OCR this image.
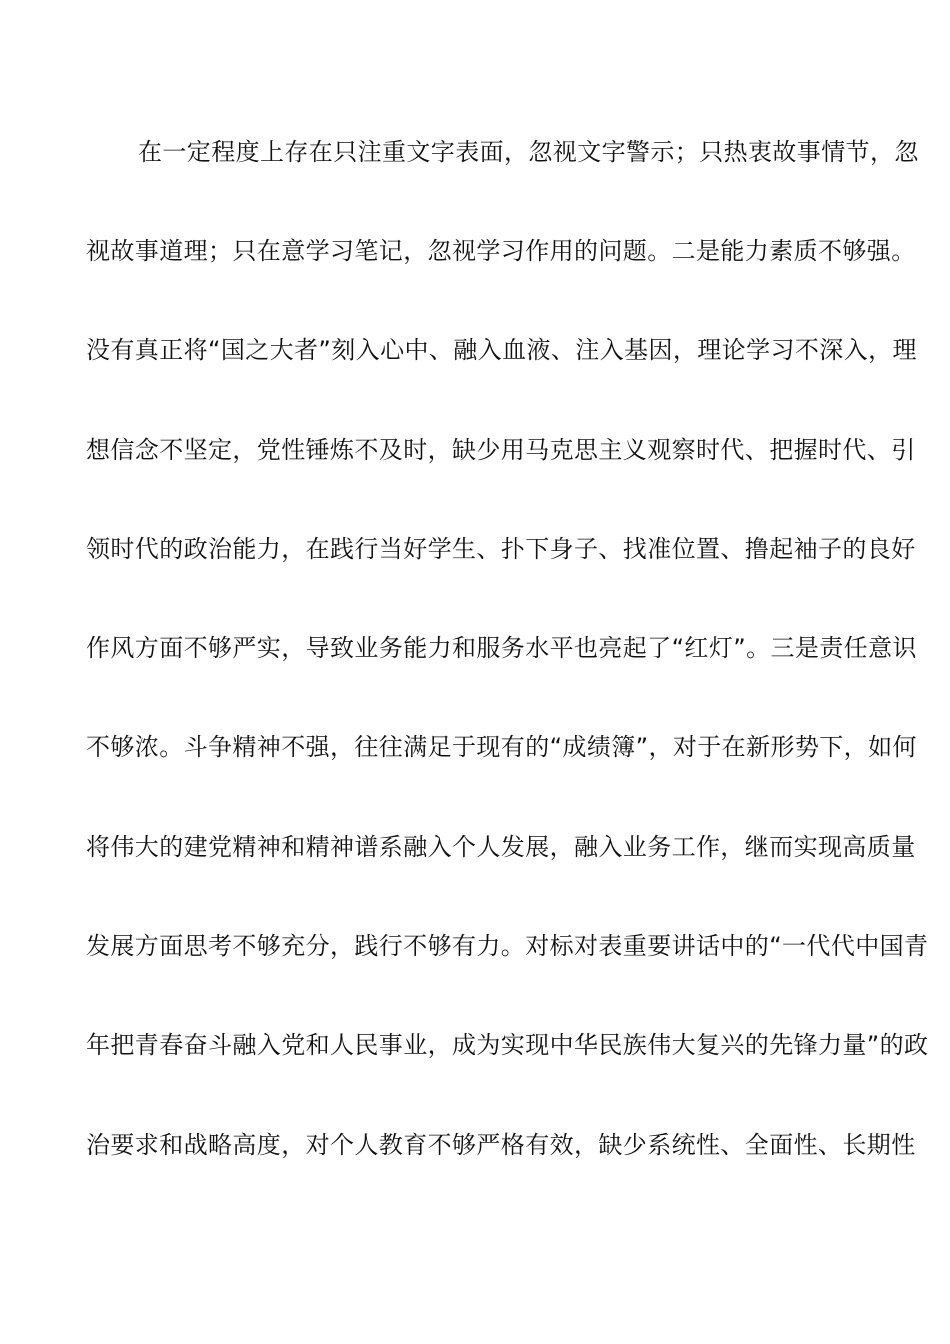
在一定程度上存在只注重文字表面，忽视文字警示；只热衷故事情节，忽
视故事道理；只在意学习笔记，忽视学习作用的问题。二是能力素质不够强。
没有真正将“国之大者”刻入心中、融入血液、注入基因，理论学习不深入，理
想信念不坚定，党性锤炼不及时，缺少用马克思主义观察时代、把握时代、引
领时代的政治能力，在践行当好学生、扑下身子、找准位置、撸起袖子的良好
作风方面不够严实，导致业务能力和服务水平也亮起了“红灯”。三是责任意识
不够浓。斗争精神不强，往往满足于现有的“成绩簿”，对于在新形势下，如何
将伟大的建党精神和精神谱系融入个人发展，融入业务工作，继而实现高质量
发展方面思考不够充分，践行不够有力。对标对表重要讲话中的“一代代中国青
年把青春奋斗融入党和人民事业，成为实现中华民族伟大复兴的先锋力量”的政
治要求和战略高度，对个人教育不够严格有效，缺少系统性、全面性、长期性
